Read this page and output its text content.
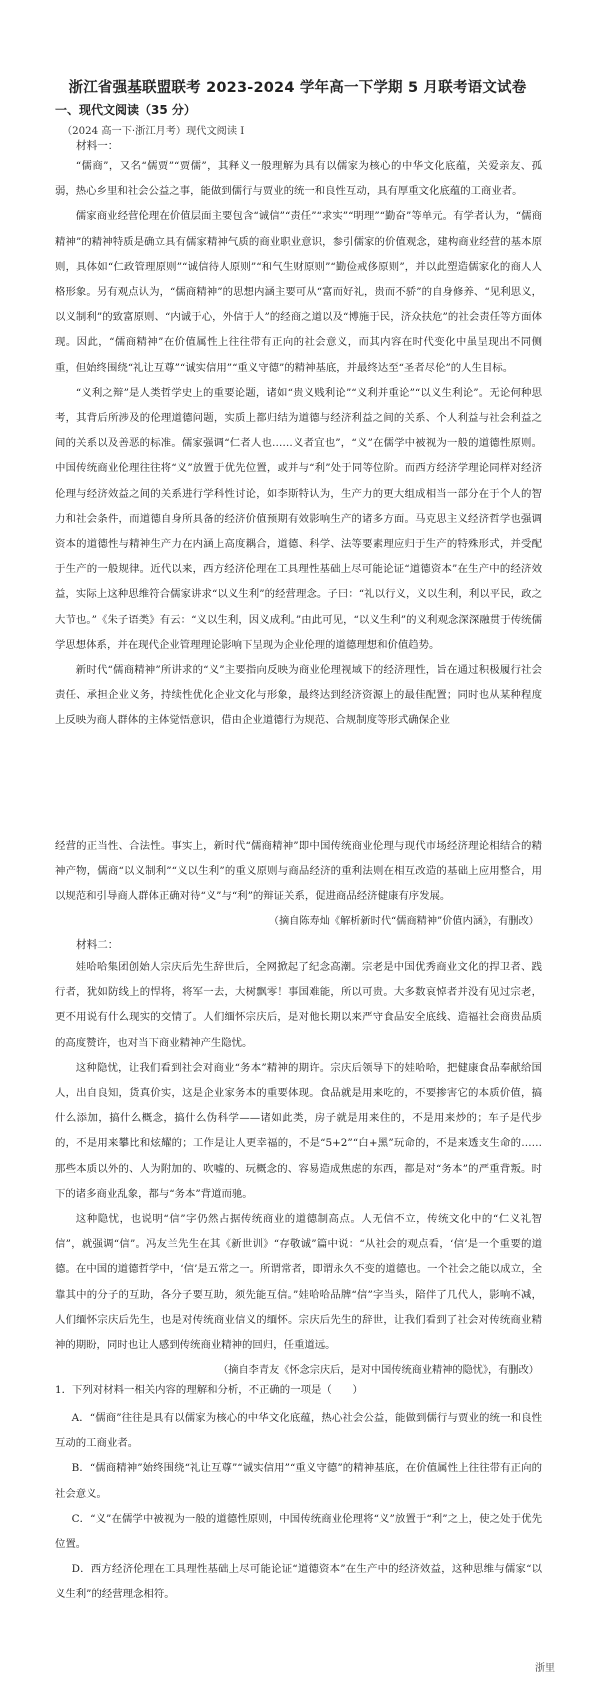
浙江省强基联盟联考 2023-2024 学年高一下学期 5 月联考语文试卷
一、现代文阅读（35 分）
（2024 高一下·浙江月考）现代文阅读 I
材料一：

“儒商”，又名“儒贾”“贾儒”，其释义一般理解为具有以儒家为核心的中华文化底蕴，关爱亲友、孤弱，热心乡里和社会公益之事，能做到儒行与贾业的统一和良性互动，具有厚重文化底蕴的工商业者。

儒家商业经营伦理在价值层面主要包含“诚信”“责任”“求实”“明理”“勤奋”等单元。有学者认为，“儒商精神”的精神特质是确立具有儒家精神气质的商业职业意识，参引儒家的价值观念，建构商业经营的基本原则，具体如“仁政管理原则”“诚信待人原则”“和气生财原则”“勤俭戒侈原则”，并以此塑造儒家化的商人人格形象。另有观点认为，“儒商精神”的思想内涵主要可从“富而好礼，贵而不骄”的自身修养、“见利思义，以义制利”的致富原则、“内诚于心，外信于人”的经商之道以及“博施于民，济众扶危”的社会责任等方面体现。因此，“儒商精神”在价值属性上往往带有正向的社会意义，而其内容在时代变化中虽呈现出不同侧重，但始终围绕“礼让互尊”“诚实信用”“重义守德”的精神基底，并最终达至“圣者尽伦”的人生目标。

“义利之辩”是人类哲学史上的重要论题，诸如“贵义贱利论”“义利并重论”“以义生利论”。无论何种思考，其背后所涉及的伦理道德问题，实质上都归结为道德与经济利益之间的关系、个人利益与社会利益之间的关系以及善恶的标准。儒家强调“仁者人也……义者宜也”，“义”在儒学中被视为一般的道德性原则。中国传统商业伦理往往将“义”放置于优先位置，或并与“利”处于同等位阶。而西方经济学理论同样对经济伦理与经济效益之间的关系进行学科性讨论，如李斯特认为，生产力的更大组成相当一部分在于个人的智力和社会条件，而道德自身所具备的经济价值预期有效影响生产的诸多方面。马克思主义经济哲学也强调资本的道德性与精神生产力在内涵上高度耦合，道德、科学、法等要素理应归于生产的特殊形式，并受配于生产的一般规律。近代以来，西方经济伦理在工具理性基础上尽可能论证“道德资本”在生产中的经济效益，实际上这种思维符合儒家讲求“以义生利”的经营理念。子曰：“礼以行义，义以生利，利以平民，政之大节也。”《朱子语类》有云：“义以生利，因义成利。”由此可见，“以义生利”的义利观念深深融贯于传统儒学思想体系，并在现代企业管理理论影响下呈现为企业伦理的道德理想和价值趋势。

新时代“儒商精神”所讲求的“义”主要指向反映为商业伦理视域下的经济理性，旨在通过积极履行社会责任、承担企业义务，持续性优化企业文化与形象，最终达到经济资源上的最佳配置；同时也从某种程度上反映为商人群体的主体觉悟意识，借由企业道德行为规范、合规制度等形式确保企业

经营的正当性、合法性。事实上，新时代“儒商精神”即中国传统商业伦理与现代市场经济理论相结合的精神产物，儒商“以义制利”“义以生利”的重义原则与商品经济的重利法则在相互改造的基础上应用整合，用以规范和引导商人群体正确对待“义”与“利”的辩证关系，促进商品经济健康有序发展。

（摘自陈寿灿《解析新时代“儒商精神”价值内涵》，有删改）
材料二：

娃哈哈集团创始人宗庆后先生辞世后，全网掀起了纪念高潮。宗老是中国优秀商业文化的捍卫者、践行者，犹如防线上的悍将，将军一去，大树飘零！事国难能，所以可贵。大多数哀悼者并没有见过宗老，更不用说有什么现实的交情了。人们缅怀宗庆后，是对他长期以来严守食品安全底线、造福社会商贵品质的高度赞许，也对当下商业精神产生隐忧。

这种隐忧，让我们看到社会对商业“务本”精神的期许。宗庆后领导下的娃哈哈，把健康食品奉献给国人，出自良知，货真价实，这是企业家务本的重要体现。食品就是用来吃的，不要掺害它的本质价值，搞什么添加，搞什么概念，搞什么伪科学——诸如此类，房子就是用来住的，不是用来炒的；车子是代步的，不是用来攀比和炫耀的；工作是让人更幸福的，不是“5+2”“白+黑”玩命的，不是来透支生命的……那些本质以外的、人为附加的、吹嘘的、玩概念的、容易造成焦虑的东西，都是对“务本”的严重背叛。时下的诸多商业乱象，都与“务本”背道而驰。

这种隐忧，也说明“信”字仍然占据传统商业的道德制高点。人无信不立，传统文化中的“仁义礼智信”，就强调“信”。冯友兰先生在其《新世训》“存敬诚”篇中说：“从社会的观点看，‘信’是一个重要的道德。在中国的道德哲学中，‘信’是五常之一。所谓常者，即谓永久不变的道德也。一个社会之能以成立，全靠其中的分子的互助，各分子要互助，须先能互信。”娃哈哈品牌“信”字当头，陪伴了几代人，影响不减，人们缅怀宗庆后先生，也是对传统商业信义的缅怀。宗庆后先生的辞世，让我们看到了社会对传统商业精神的期盼，同时也让人感到传统商业精神的回归，任重道远。

（摘自李青友《怀念宗庆后，是对中国传统商业精神的隐忧》，有删改）
1．下列对材料一相关内容的理解和分析，不正确的一项是（　　）

A．“儒商”往往是具有以儒家为核心的中华文化底蕴，热心社会公益，能做到儒行与贾业的统一和良性互动的工商业者。

B．“儒商精神”始终围绕“礼让互尊”“诚实信用”“重义守德”的精神基底，在价值属性上往往带有正向的社会意义。

C．“义”在儒学中被视为一般的道德性原则，中国传统商业伦理将“义”放置于“利”之上，使之处于优先位置。

D．西方经济伦理在工具理性基础上尽可能论证“道德资本”在生产中的经济效益，这种思维与儒家“以义生利”的经营理念相符。

浙里
